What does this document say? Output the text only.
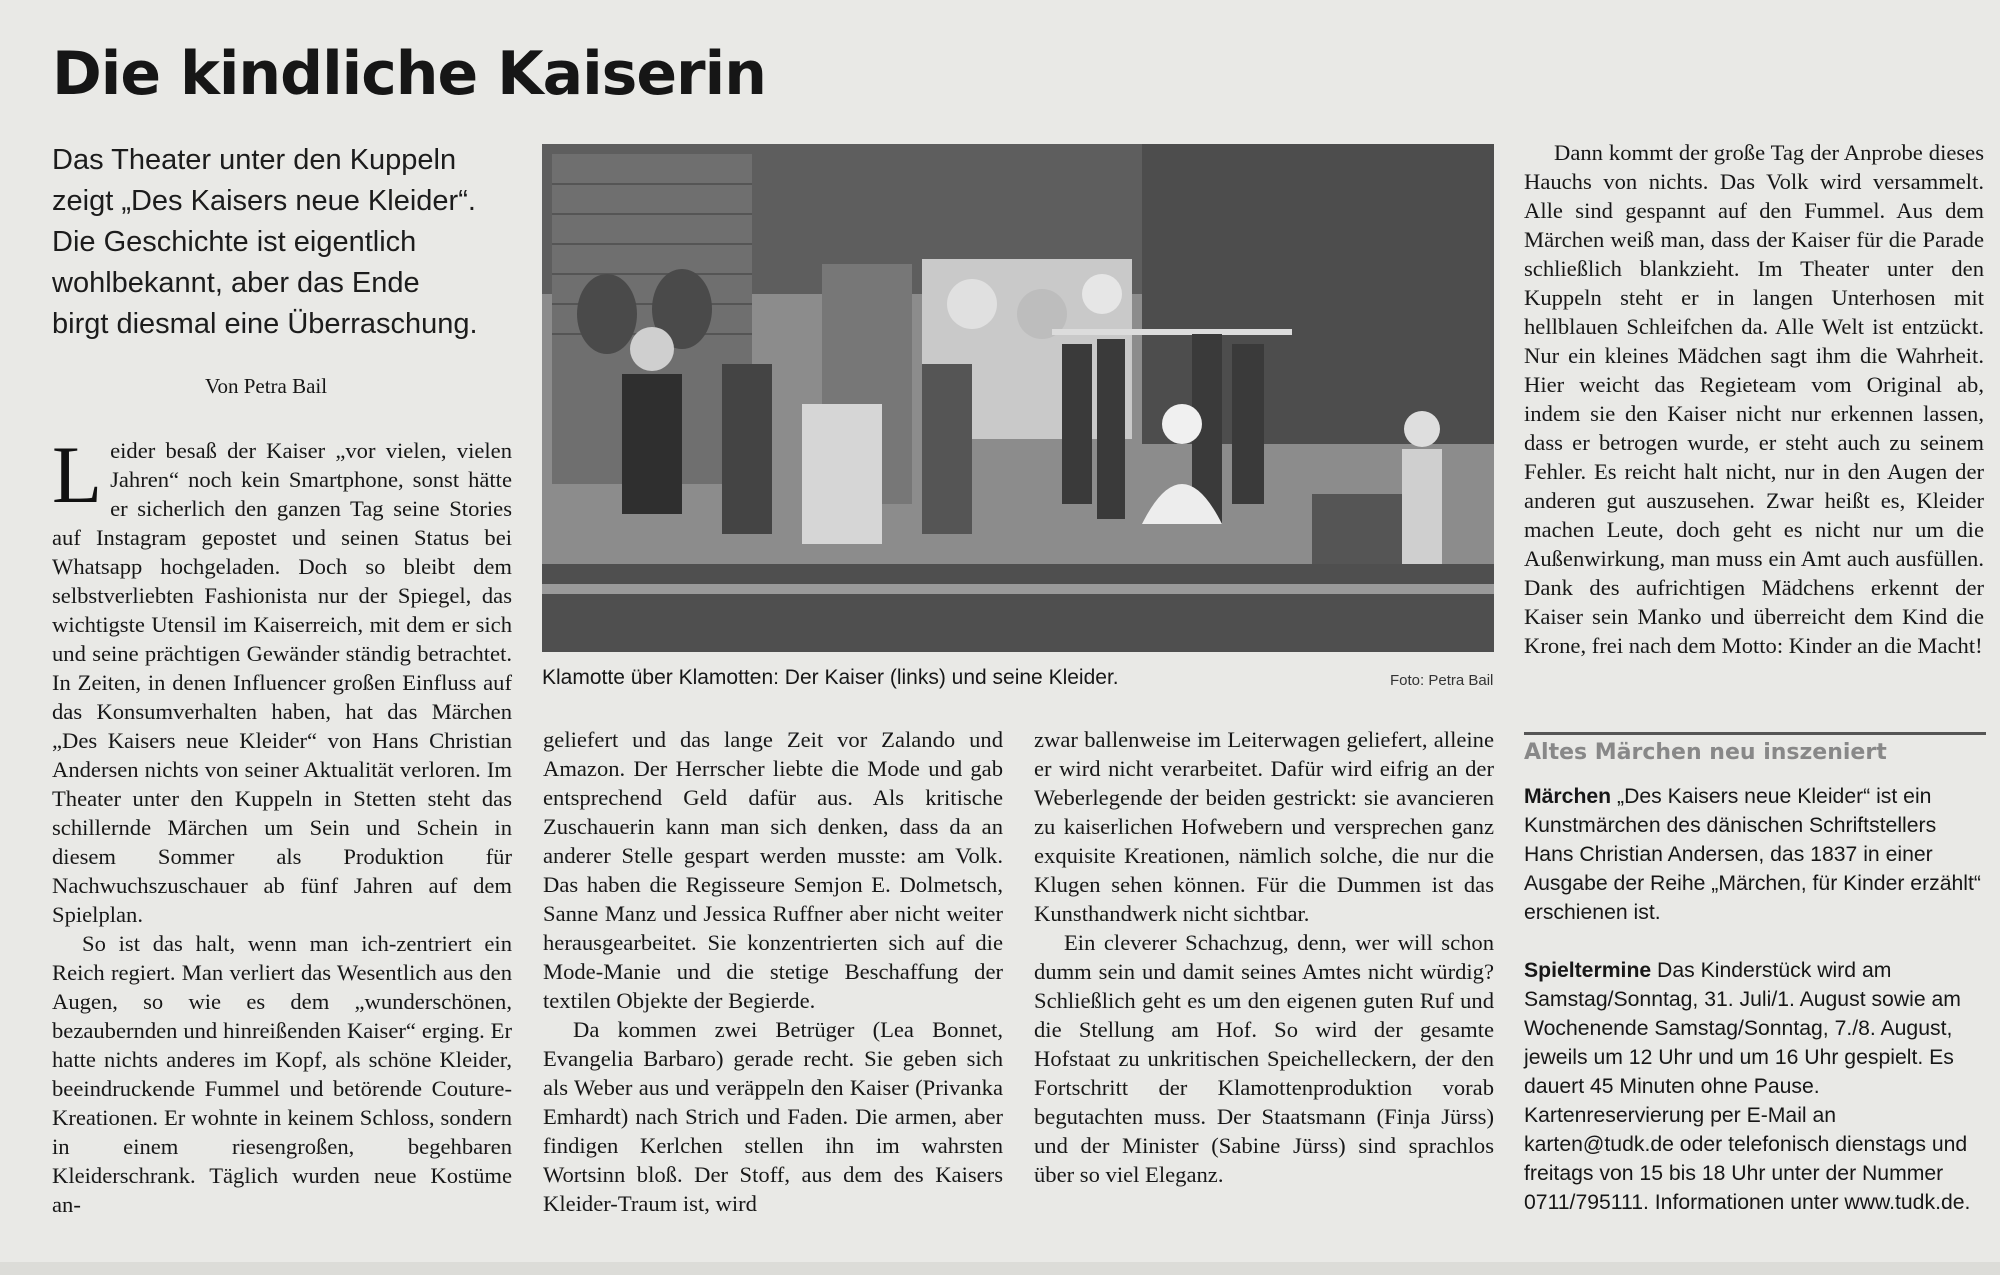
Die kindliche Kaiserin
Das Theater unter den Kuppeln
zeigt „Des Kaisers neue Kleider“.
Die Geschichte ist eigentlich
wohlbekannt, aber das Ende
birgt diesmal eine Überraschung.

Von Petra Bail

Leider besaß der Kaiser „vor vielen, vielen Jahren“ noch kein Smartphone, sonst hätte er sicherlich den ganzen Tag seine Stories auf Instagram gepostet und seinen Status bei Whatsapp hochgeladen. Doch so bleibt dem selbstverliebten Fashionista nur der Spiegel, das wichtigste Utensil im Kaiserreich, mit dem er sich und seine prächtigen Gewänder ständig betrachtet. In Zeiten, in denen Influencer großen Einfluss auf das Konsumverhalten haben, hat das Märchen „Des Kaisers neue Kleider“ von Hans Christian Andersen nichts von seiner Aktualität verloren. Im Theater unter den Kuppeln in Stetten steht das schillernde Märchen um Sein und Schein in diesem Sommer als Produktion für Nachwuchszuschauer ab fünf Jahren auf dem Spielplan.

So ist das halt, wenn man ich-zentriert ein Reich regiert. Man verliert das Wesentlich aus den Augen, so wie es dem „wunderschönen, bezaubernden und hinreißenden Kaiser“ erging. Er hatte nichts anderes im Kopf, als schöne Kleider, beeindruckende Fummel und betörende Couture-Kreationen. Er wohnte in keinem Schloss, sondern in einem riesengroßen, begehbaren Kleiderschrank. Täglich wurden neue Kostüme an-

Klamotte über Klamotten: Der Kaiser (links) und seine Kleider.	Foto: Petra Bail

geliefert und das lange Zeit vor Zalando und Amazon. Der Herrscher liebte die Mode und gab entsprechend Geld dafür aus. Als kritische Zuschauerin kann man sich denken, dass da an anderer Stelle gespart werden musste: am Volk. Das haben die Regisseure Semjon E. Dolmetsch, Sanne Manz und Jessica Ruffner aber nicht weiter herausgearbeitet. Sie konzentrierten sich auf die Mode-Manie und die stetige Beschaffung der textilen Objekte der Begierde.

Da kommen zwei Betrüger (Lea Bonnet, Evangelia Barbaro) gerade recht. Sie geben sich als Weber aus und veräppeln den Kaiser (Privanka Emhardt) nach Strich und Faden. Die armen, aber findigen Kerlchen stellen ihn im wahrsten Wortsinn bloß. Der Stoff, aus dem des Kaisers Kleider-Traum ist, wird

zwar ballenweise im Leiterwagen geliefert, alleine er wird nicht verarbeitet. Dafür wird eifrig an der Weberlegende der beiden gestrickt: sie avancieren zu kaiserlichen Hofwebern und versprechen ganz exquisite Kreationen, nämlich solche, die nur die Klugen sehen können. Für die Dummen ist das Kunsthandwerk nicht sichtbar.

Ein cleverer Schachzug, denn, wer will schon dumm sein und damit seines Amtes nicht würdig? Schließlich geht es um den eigenen guten Ruf und die Stellung am Hof. So wird der gesamte Hofstaat zu unkritischen Speichelleckern, der den Fortschritt der Klamottenproduktion vorab begutachten muss. Der Staatsmann (Finja Jürss) und der Minister (Sabine Jürss) sind sprachlos über so viel Eleganz.

Dann kommt der große Tag der Anprobe dieses Hauchs von nichts. Das Volk wird versammelt. Alle sind gespannt auf den Fummel. Aus dem Märchen weiß man, dass der Kaiser für die Parade schließlich blankzieht. Im Theater unter den Kuppeln steht er in langen Unterhosen mit hellblauen Schleifchen da. Alle Welt ist entzückt. Nur ein kleines Mädchen sagt ihm die Wahrheit. Hier weicht das Regieteam vom Original ab, indem sie den Kaiser nicht nur erkennen lassen, dass er betrogen wurde, er steht auch zu seinem Fehler. Es reicht halt nicht, nur in den Augen der anderen gut auszusehen. Zwar heißt es, Kleider machen Leute, doch geht es nicht nur um die Außenwirkung, man muss ein Amt auch ausfüllen. Dank des aufrichtigen Mädchens erkennt der Kaiser sein Manko und überreicht dem Kind die Krone, frei nach dem Motto: Kinder an die Macht!

Altes Märchen neu inszeniert

Märchen „Des Kaisers neue Kleider“ ist ein Kunstmärchen des dänischen Schriftstellers Hans Christian Andersen, das 1837 in einer Ausgabe der Reihe „Märchen, für Kinder erzählt“ erschienen ist.

Spieltermine Das Kinderstück wird am Samstag/Sonntag, 31. Juli/1. August sowie am Wochenende Samstag/Sonntag, 7./8. August, jeweils um 12 Uhr und um 16 Uhr gespielt. Es dauert 45 Minuten ohne Pause. Kartenreservierung per E-Mail an karten@tudk.de oder telefonisch dienstags und freitags von 15 bis 18 Uhr unter der Nummer 0711/795111. Informationen unter www.tudk.de.
